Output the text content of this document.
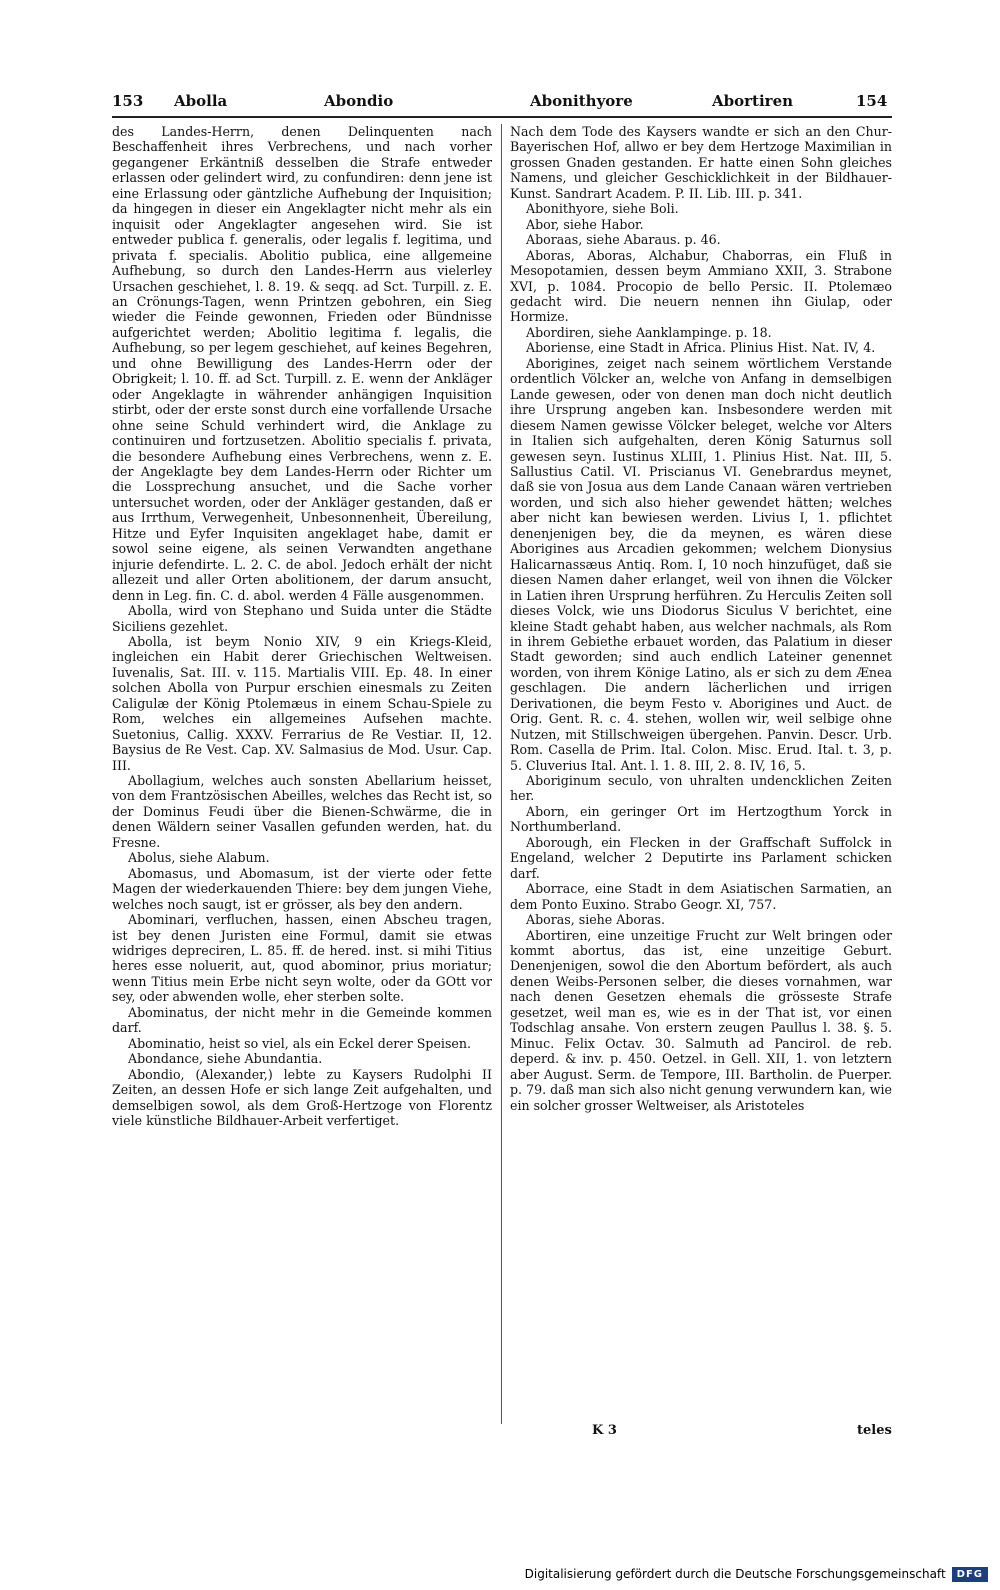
153 Abolla	Abondio	Abonithyore	Abortiren	154

des Landes-Herrn, denen Delinquenten nach Beschaffenheit ihres Verbrechens, und nach vorher gegangener Erkäntniß desselben die Strafe entweder erlassen oder gelindert wird, zu confundiren: denn jene ist eine Erlassung oder gäntzliche Aufhebung der Inquisition; da hingegen in dieser ein Angeklagter nicht mehr als ein inquisit oder Angeklagter angesehen wird. Sie ist entweder publica f. generalis, oder legalis f. legitima, und privata f. specialis. Abolitio publica, eine allgemeine Aufhebung, so durch den Landes-Herrn aus vielerley Ursachen geschiehet, l. 8. 19. & seqq. ad Sct. Turpill. z. E. an Crönungs-Tagen, wenn Printzen gebohren, ein Sieg wieder die Feinde gewonnen, Frieden oder Bündnisse aufgerichtet werden; Abolitio legitima f. legalis, die Aufhebung, so per legem geschiehet, auf keines Begehren, und ohne Bewilligung des Landes-Herrn oder der Obrigkeit; l. 10. ff. ad Sct. Turpill. z. E. wenn der Ankläger oder Angeklagte in währender anhängigen Inquisition stirbt, oder der erste sonst durch eine vorfallende Ursache ohne seine Schuld verhindert wird, die Anklage zu continuiren und fortzusetzen. Abolitio specialis f. privata, die besondere Aufhebung eines Verbrechens, wenn z. E. der Angeklagte bey dem Landes-Herrn oder Richter um die Lossprechung ansuchet, und die Sache vorher untersuchet worden, oder der Ankläger gestanden, daß er aus Irrthum, Verwegenheit, Unbesonnenheit, Übereilung, Hitze und Eyfer Inquisiten angeklaget habe, damit er sowol seine eigene, als seinen Verwandten angethane injurie defendirte. L. 2. C. de abol. Jedoch erhält der nicht allezeit und aller Orten abolitionem, der darum ansucht, denn in Leg. fin. C. d. abol. werden 4 Fälle ausgenommen.

Abolla, wird von Stephano und Suida unter die Städte Siciliens gezehlet.

Abolla, ist beym Nonio XIV, 9 ein Kriegs-Kleid, ingleichen ein Habit derer Griechischen Weltweisen. Iuvenalis, Sat. III. v. 115. Martialis VIII. Ep. 48. In einer solchen Abolla von Purpur erschien einesmals zu Zeiten Caligulæ der König Ptolemæus in einem Schau-Spiele zu Rom, welches ein allgemeines Aufsehen machte. Suetonius, Callig. XXXV. Ferrarius de Re Vestiar. II, 12. Baysius de Re Vest. Cap. XV. Salmasius de Mod. Usur. Cap. III.

Abollagium, welches auch sonsten Abellarium heisset, von dem Frantzösischen Abeilles, welches das Recht ist, so der Dominus Feudi über die Bienen-Schwärme, die in denen Wäldern seiner Vasallen gefunden werden, hat. du Fresne.

Abolus, siehe Alabum.

Abomasus, und Abomasum, ist der vierte oder fette Magen der wiederkauenden Thiere: bey dem jungen Viehe, welches noch saugt, ist er grösser, als bey den andern.

Abominari, verfluchen, hassen, einen Abscheu tragen, ist bey denen Juristen eine Formul, damit sie etwas widriges depreciren, L. 85. ff. de hered. inst. si mihi Titius heres esse noluerit, aut, quod abominor, prius moriatur; wenn Titius mein Erbe nicht seyn wolte, oder da GOtt vor sey, oder abwenden wolle, eher sterben solte.

Abominatus, der nicht mehr in die Gemeinde kommen darf.

Abominatio, heist so viel, als ein Eckel derer Speisen.

Abondance, siehe Abundantia.

Abondio, (Alexander,) lebte zu Kaysers Rudolphi II Zeiten, an dessen Hofe er sich lange Zeit aufgehalten, und demselbigen sowol, als dem Groß-Hertzoge von Florentz viele künstliche Bildhauer-Arbeit verfertiget.

Nach dem Tode des Kaysers wandte er sich an den Chur-Bayerischen Hof, allwo er bey dem Hertzoge Maximilian in grossen Gnaden gestanden. Er hatte einen Sohn gleiches Namens, und gleicher Geschicklichkeit in der Bildhauer-Kunst. Sandrart Academ. P. II. Lib. III. p. 341.

Abonithyore, siehe Boli.

Abor, siehe Habor.

Aboraas, siehe Abaraus. p. 46.

Aboras, Aboras, Alchabur, Chaborras, ein Fluß in Mesopotamien, dessen beym Ammiano XXII, 3. Strabone XVI, p. 1084. Procopio de bello Persic. II. Ptolemæo gedacht wird. Die neuern nennen ihn Giulap, oder Hormize.

Abordiren, siehe Aanklampinge. p. 18.

Aboriense, eine Stadt in Africa. Plinius Hist. Nat. IV, 4.

Aborigines, zeiget nach seinem wörtlichem Verstande ordentlich Völcker an, welche von Anfang in demselbigen Lande gewesen, oder von denen man doch nicht deutlich ihre Ursprung angeben kan. Insbesondere werden mit diesem Namen gewisse Völcker beleget, welche vor Alters in Italien sich aufgehalten, deren König Saturnus soll gewesen seyn. Iustinus XLIII, 1. Plinius Hist. Nat. III, 5. Sallustius Catil. VI. Priscianus VI. Genebrardus meynet, daß sie von Josua aus dem Lande Canaan wären vertrieben worden, und sich also hieher gewendet hätten; welches aber nicht kan bewiesen werden. Livius I, 1. pflichtet denenjenigen bey, die da meynen, es wären diese Aborigines aus Arcadien gekommen; welchem Dionysius Halicarnassæus Antiq. Rom. I, 10 noch hinzufüget, daß sie diesen Namen daher erlanget, weil von ihnen die Völcker in Latien ihren Ursprung herführen. Zu Herculis Zeiten soll dieses Volck, wie uns Diodorus Siculus V berichtet, eine kleine Stadt gehabt haben, aus welcher nachmals, als Rom in ihrem Gebiethe erbauet worden, das Palatium in dieser Stadt geworden; sind auch endlich Lateiner genennet worden, von ihrem Könige Latino, als er sich zu dem Ænea geschlagen. Die andern lächerlichen und irrigen Derivationen, die beym Festo v. Aborigines und Auct. de Orig. Gent. R. c. 4. stehen, wollen wir, weil selbige ohne Nutzen, mit Stillschweigen übergehen. Panvin. Descr. Urb. Rom. Casella de Prim. Ital. Colon. Misc. Erud. Ital. t. 3, p. 5. Cluverius Ital. Ant. l. 1. 8. III, 2. 8. IV, 16, 5.

Aboriginum seculo, von uhralten undencklichen Zeiten her.

Aborn, ein geringer Ort im Hertzogthum Yorck in Northumberland.

Aborough, ein Flecken in der Graffschaft Suffolck in Engeland, welcher 2 Deputirte ins Parlament schicken darf.

Aborrace, eine Stadt in dem Asiatischen Sarmatien, an dem Ponto Euxino. Strabo Geogr. XI, 757.

Aboras, siehe Aboras.

Abortiren, eine unzeitige Frucht zur Welt bringen oder kommt abortus, das ist, eine unzeitige Geburt. Denenjenigen, sowol die den Abortum befördert, als auch denen Weibs-Personen selber, die dieses vornahmen, war nach denen Gesetzen ehemals die grösseste Strafe gesetzet, weil man es, wie es in der That ist, vor einen Todschlag ansahe. Von erstern zeugen Paullus l. 38. §. 5. Minuc. Felix Octav. 30. Salmuth ad Pancirol. de reb. deperd. & inv. p. 450. Oetzel. in Gell. XII, 1. von letztern aber August. Serm. de Tempore, III. Bartholin. de Puerper. p. 79. daß man sich also nicht genung verwundern kan, wie ein solcher grosser Weltweiser, als Aristoteles

K 3	teles
Digitalisierung gefördert durch die Deutsche Forschungsgemeinschaft	DFG
